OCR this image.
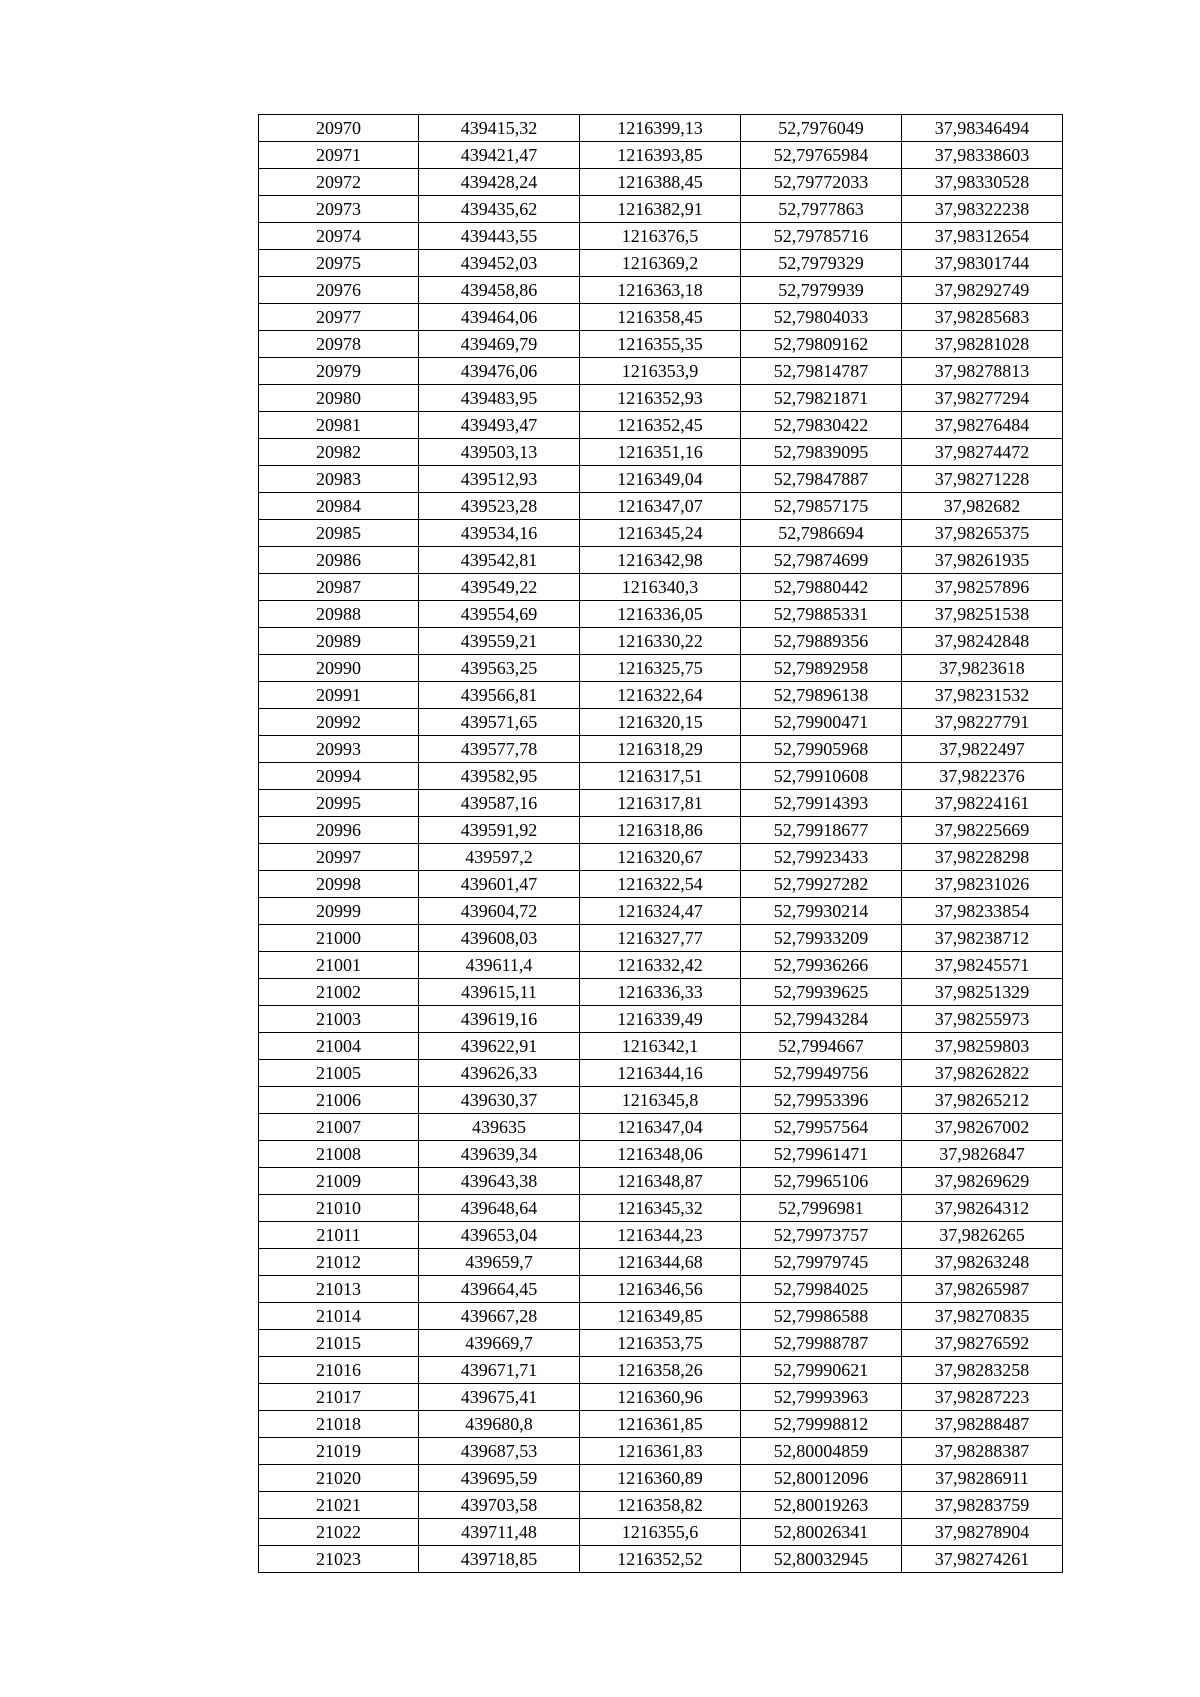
20970	439415,32	1216399,13	52,7976049	37,98346494
20971	439421,47	1216393,85	52,79765984	37,98338603
20972	439428,24	1216388,45	52,79772033	37,98330528
20973	439435,62	1216382,91	52,7977863	37,98322238
20974	439443,55	1216376,5	52,79785716	37,98312654
20975	439452,03	1216369,2	52,7979329	37,98301744
20976	439458,86	1216363,18	52,7979939	37,98292749
20977	439464,06	1216358,45	52,79804033	37,98285683
20978	439469,79	1216355,35	52,79809162	37,98281028
20979	439476,06	1216353,9	52,79814787	37,98278813
20980	439483,95	1216352,93	52,79821871	37,98277294
20981	439493,47	1216352,45	52,79830422	37,98276484
20982	439503,13	1216351,16	52,79839095	37,98274472
20983	439512,93	1216349,04	52,79847887	37,98271228
20984	439523,28	1216347,07	52,79857175	37,982682
20985	439534,16	1216345,24	52,7986694	37,98265375
20986	439542,81	1216342,98	52,79874699	37,98261935
20987	439549,22	1216340,3	52,79880442	37,98257896
20988	439554,69	1216336,05	52,79885331	37,98251538
20989	439559,21	1216330,22	52,79889356	37,98242848
20990	439563,25	1216325,75	52,79892958	37,9823618
20991	439566,81	1216322,64	52,79896138	37,98231532
20992	439571,65	1216320,15	52,79900471	37,98227791
20993	439577,78	1216318,29	52,79905968	37,9822497
20994	439582,95	1216317,51	52,79910608	37,9822376
20995	439587,16	1216317,81	52,79914393	37,98224161
20996	439591,92	1216318,86	52,79918677	37,98225669
20997	439597,2	1216320,67	52,79923433	37,98228298
20998	439601,47	1216322,54	52,79927282	37,98231026
20999	439604,72	1216324,47	52,79930214	37,98233854
21000	439608,03	1216327,77	52,79933209	37,98238712
21001	439611,4	1216332,42	52,79936266	37,98245571
21002	439615,11	1216336,33	52,79939625	37,98251329
21003	439619,16	1216339,49	52,79943284	37,98255973
21004	439622,91	1216342,1	52,7994667	37,98259803
21005	439626,33	1216344,16	52,79949756	37,98262822
21006	439630,37	1216345,8	52,79953396	37,98265212
21007	439635	1216347,04	52,79957564	37,98267002
21008	439639,34	1216348,06	52,79961471	37,9826847
21009	439643,38	1216348,87	52,79965106	37,98269629
21010	439648,64	1216345,32	52,7996981	37,98264312
21011	439653,04	1216344,23	52,79973757	37,9826265
21012	439659,7	1216344,68	52,79979745	37,98263248
21013	439664,45	1216346,56	52,79984025	37,98265987
21014	439667,28	1216349,85	52,79986588	37,98270835
21015	439669,7	1216353,75	52,79988787	37,98276592
21016	439671,71	1216358,26	52,79990621	37,98283258
21017	439675,41	1216360,96	52,79993963	37,98287223
21018	439680,8	1216361,85	52,79998812	37,98288487
21019	439687,53	1216361,83	52,80004859	37,98288387
21020	439695,59	1216360,89	52,80012096	37,98286911
21021	439703,58	1216358,82	52,80019263	37,98283759
21022	439711,48	1216355,6	52,80026341	37,98278904
21023	439718,85	1216352,52	52,80032945	37,98274261
